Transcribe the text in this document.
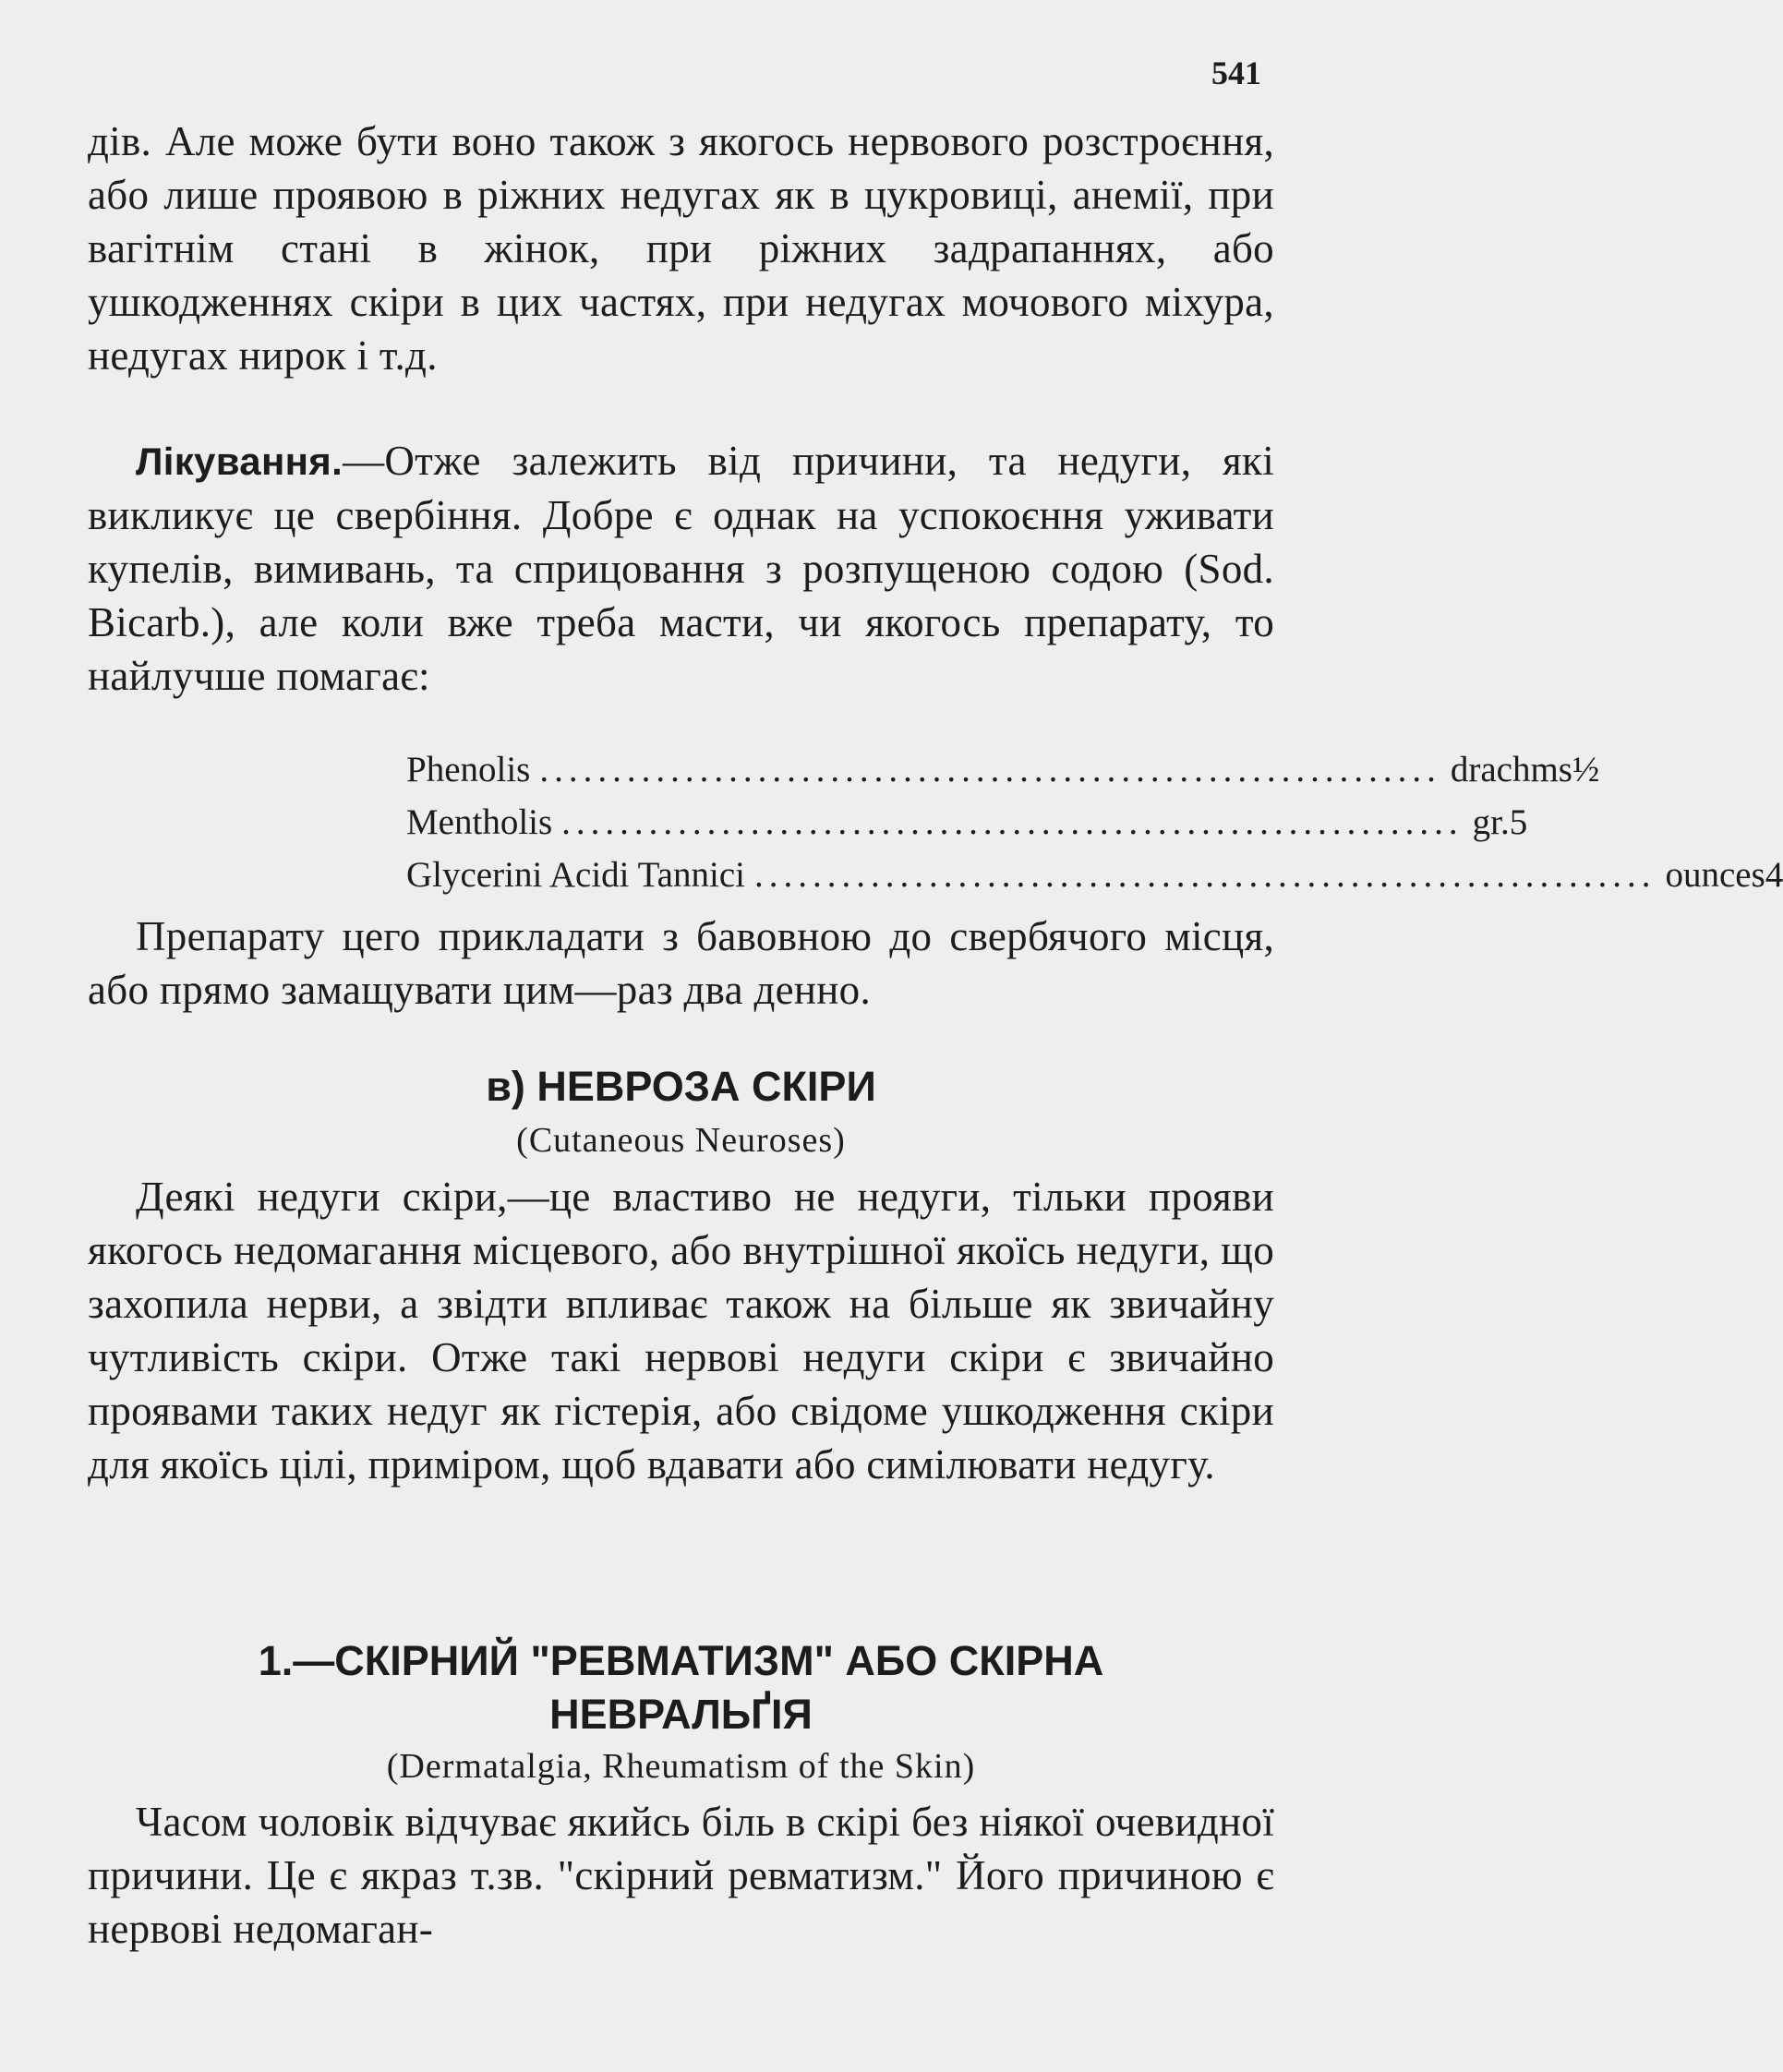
541
дів. Але може бути воно також з якогось нервового розстроєння, або лише проявою в ріжних недугах як в цукровиці, анемії, при вагітнім стані в жінок, при ріжних задрапаннях, або ушкодженнях скіри в цих частях, при недугах мочового міхура, недугах нирок і т.д.
Лікування.—Отже залежить від причини, та недуги, які викликує це свербіння. Добре є однак на успокоєння уживати купелів, вимивань, та сприцовання з розпущеною содою (Sod. Bicarb.), але коли вже треба масти, чи якогось препарату, то найлучше помагає:
Phenolis .............................................................. drachms ½
Mentholis .............................................................. gr. 5
Glycerini Acidi Tannici .............................................................. ounces 4
Препарату цего прикладати з бавовною до свербячого місця, або прямо замащувати цим—раз два денно.
в) НЕВРОЗА СКІРИ
(Cutaneous Neuroses)
Деякі недуги скіри,—це властиво не недуги, тільки прояви якогось недомагання місцевого, або внутрішної якоїсь недуги, що захопила нерви, а звідти впливає також на більше як звичайну чутливість скіри. Отже такі нервові недуги скіри є звичайно проявами таких недуг як гістерія, або свідоме ушкодження скіри для якоїсь цілі, приміром, щоб вдавати або симілювати недугу.
1.—СКІРНИЙ "РЕВМАТИЗМ" АБО СКІРНА
НЕВРАЛЬҐІЯ
(Dermatalgia, Rheumatism of the Skin)
Часом чоловік відчуває якийсь біль в скірі без ніякої очевидної причини. Це є якраз т.зв. "скірний ревматизм." Його причиною є нервові недомаган-
